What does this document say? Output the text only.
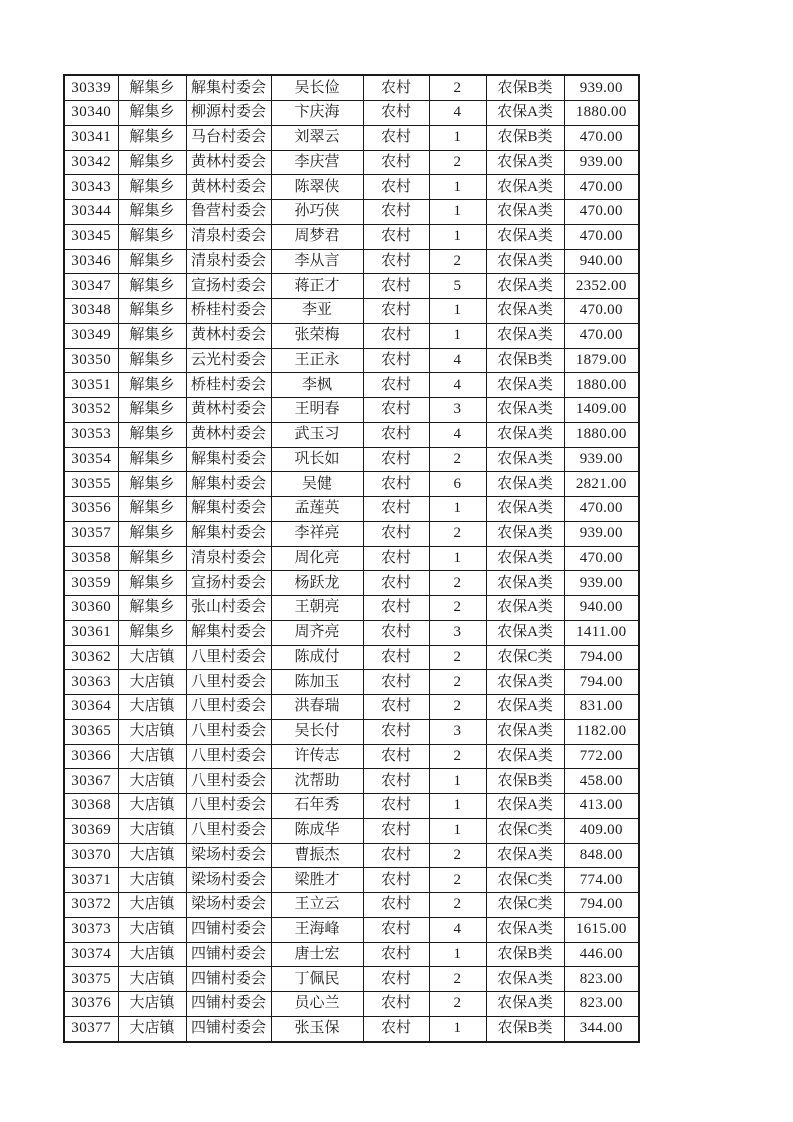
30339	解集乡	解集村委会	吴长俭	农村	2	农保B类	939.00
30340	解集乡	柳源村委会	卞庆海	农村	4	农保A类	1880.00
30341	解集乡	马台村委会	刘翠云	农村	1	农保B类	470.00
30342	解集乡	黄林村委会	李庆营	农村	2	农保A类	939.00
30343	解集乡	黄林村委会	陈翠侠	农村	1	农保A类	470.00
30344	解集乡	鲁营村委会	孙巧侠	农村	1	农保A类	470.00
30345	解集乡	清泉村委会	周梦君	农村	1	农保A类	470.00
30346	解集乡	清泉村委会	李从言	农村	2	农保A类	940.00
30347	解集乡	宣扬村委会	蒋正才	农村	5	农保A类	2352.00
30348	解集乡	桥桂村委会	李亚	农村	1	农保A类	470.00
30349	解集乡	黄林村委会	张荣梅	农村	1	农保A类	470.00
30350	解集乡	云光村委会	王正永	农村	4	农保B类	1879.00
30351	解集乡	桥桂村委会	李枫	农村	4	农保A类	1880.00
30352	解集乡	黄林村委会	王明春	农村	3	农保A类	1409.00
30353	解集乡	黄林村委会	武玉习	农村	4	农保A类	1880.00
30354	解集乡	解集村委会	巩长如	农村	2	农保A类	939.00
30355	解集乡	解集村委会	吴健	农村	6	农保A类	2821.00
30356	解集乡	解集村委会	孟莲英	农村	1	农保A类	470.00
30357	解集乡	解集村委会	李祥亮	农村	2	农保A类	939.00
30358	解集乡	清泉村委会	周化亮	农村	1	农保A类	470.00
30359	解集乡	宣扬村委会	杨跃龙	农村	2	农保A类	939.00
30360	解集乡	张山村委会	王朝亮	农村	2	农保A类	940.00
30361	解集乡	解集村委会	周齐亮	农村	3	农保A类	1411.00
30362	大店镇	八里村委会	陈成付	农村	2	农保C类	794.00
30363	大店镇	八里村委会	陈加玉	农村	2	农保A类	794.00
30364	大店镇	八里村委会	洪春瑞	农村	2	农保A类	831.00
30365	大店镇	八里村委会	吴长付	农村	3	农保A类	1182.00
30366	大店镇	八里村委会	许传志	农村	2	农保A类	772.00
30367	大店镇	八里村委会	沈帮助	农村	1	农保B类	458.00
30368	大店镇	八里村委会	石年秀	农村	1	农保A类	413.00
30369	大店镇	八里村委会	陈成华	农村	1	农保C类	409.00
30370	大店镇	梁场村委会	曹振杰	农村	2	农保A类	848.00
30371	大店镇	梁场村委会	梁胜才	农村	2	农保C类	774.00
30372	大店镇	梁场村委会	王立云	农村	2	农保C类	794.00
30373	大店镇	四铺村委会	王海峰	农村	4	农保A类	1615.00
30374	大店镇	四铺村委会	唐士宏	农村	1	农保B类	446.00
30375	大店镇	四铺村委会	丁佩民	农村	2	农保A类	823.00
30376	大店镇	四铺村委会	员心兰	农村	2	农保A类	823.00
30377	大店镇	四铺村委会	张玉保	农村	1	农保B类	344.00
